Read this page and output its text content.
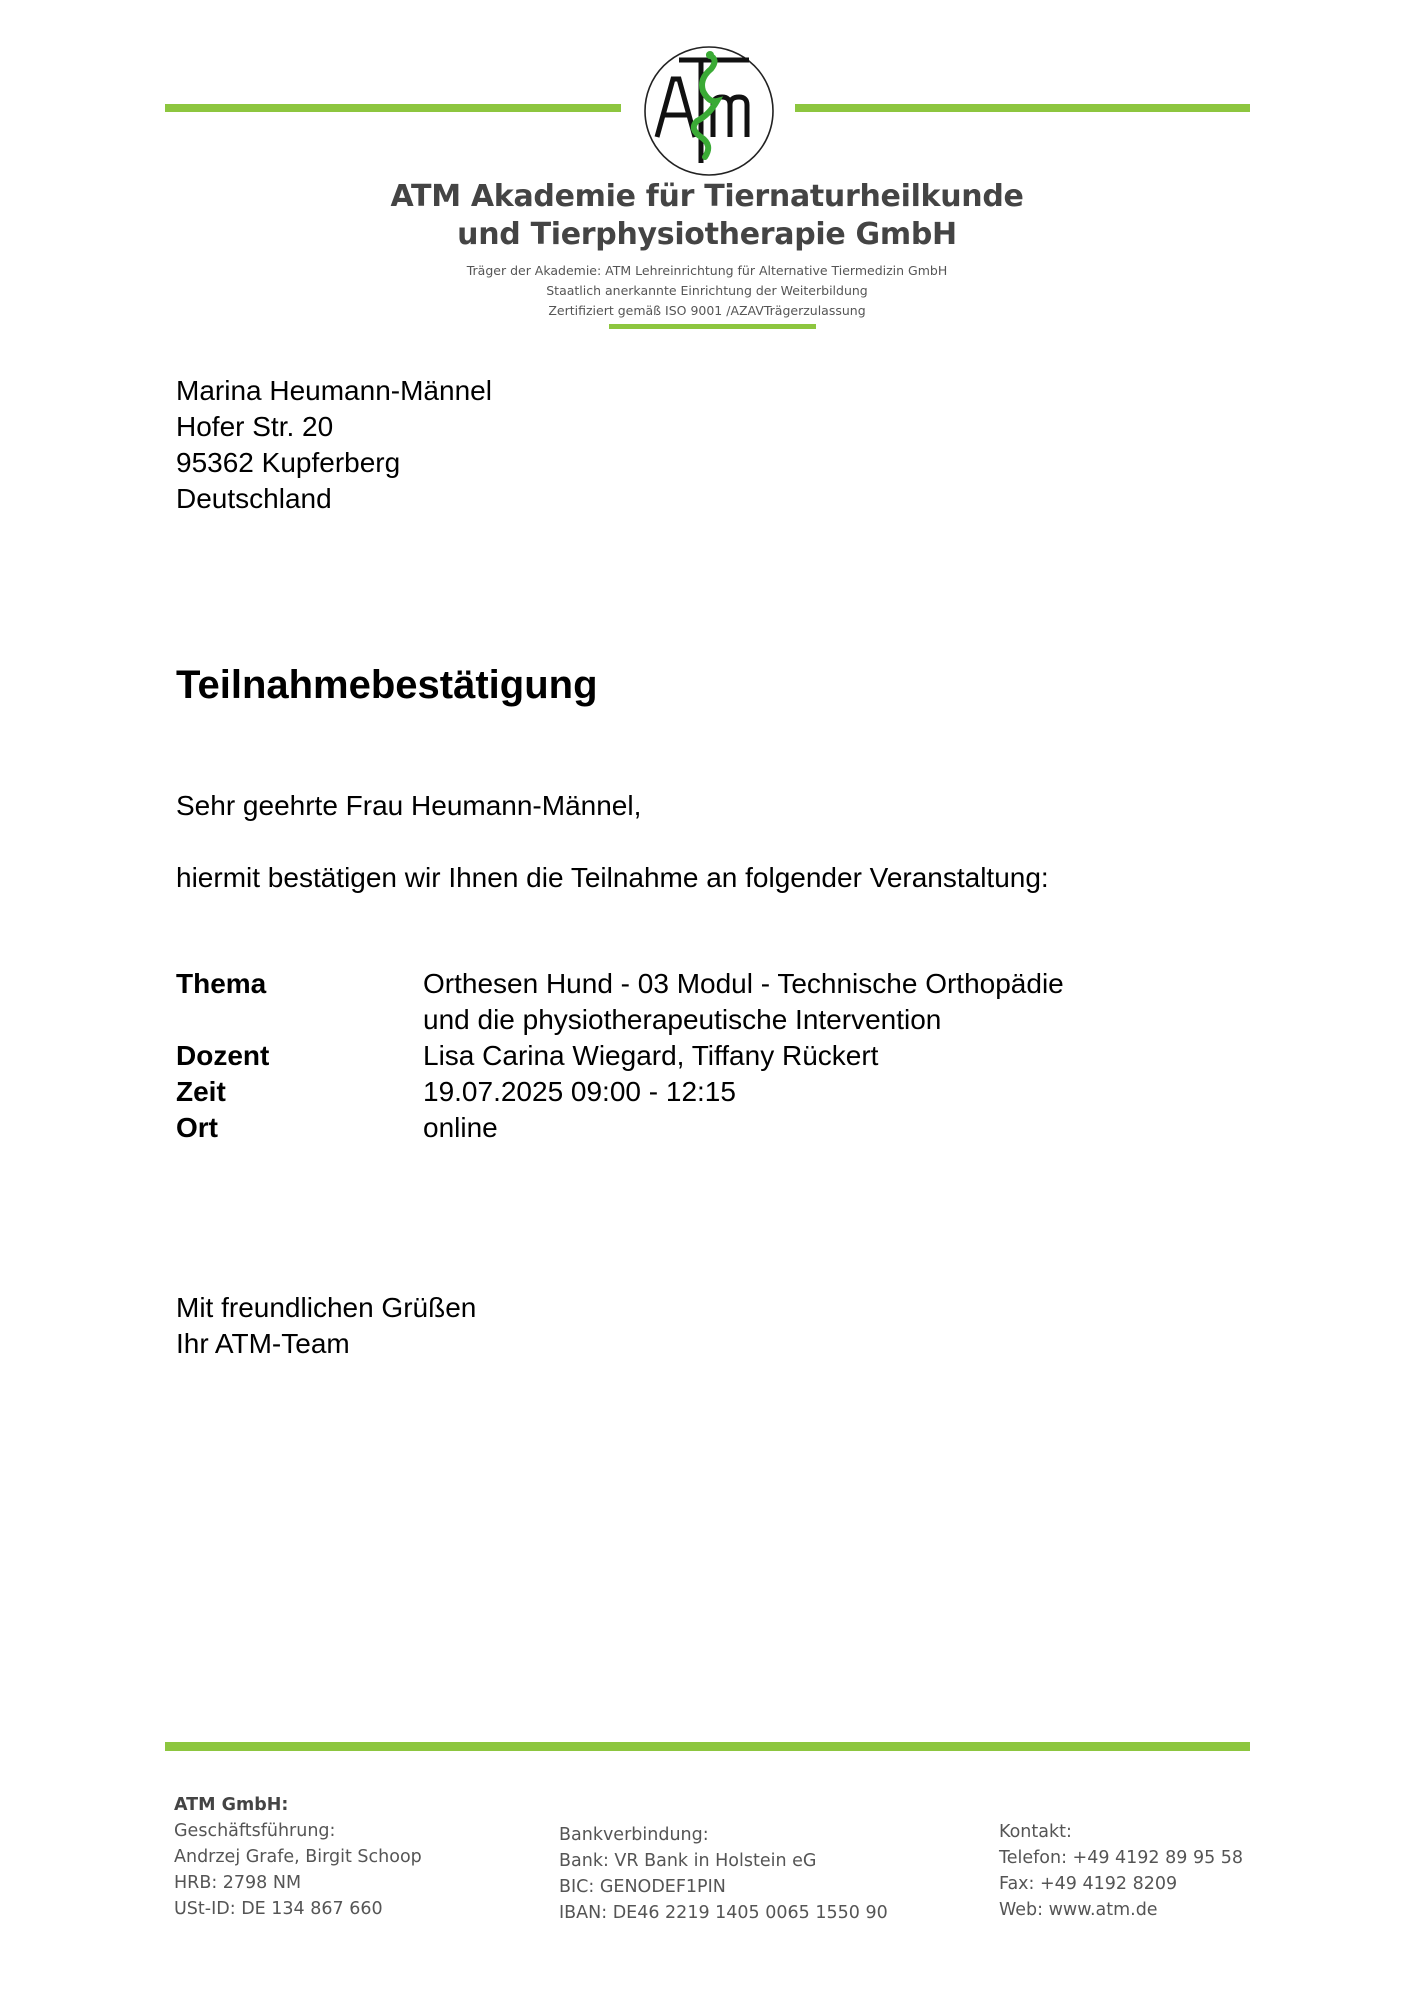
ATM Akademie für Tiernaturheilkunde
und Tierphysiotherapie GmbH
Träger der Akademie: ATM Lehreinrichtung für Alternative Tiermedizin GmbH
Staatlich anerkannte Einrichtung der Weiterbildung
Zertifiziert gemäß ISO 9001 /AZAVTrägerzulassung
Marina Heumann-Männel
Hofer Str. 20
95362 Kupferberg
Deutschland
Teilnahmebestätigung
Sehr geehrte Frau Heumann-Männel,
hiermit bestätigen wir Ihnen die Teilnahme an folgender Veranstaltung:
Thema	Orthesen Hund - 03 Modul - Technische Orthopädie
und die physiotherapeutische Intervention
Dozent	Lisa Carina Wiegard, Tiffany Rückert
Zeit	19.07.2025 09:00 - 12:15
Ort	online
Mit freundlichen Grüßen
Ihr ATM-Team
ATM GmbH:
Geschäftsführung:
Andrzej Grafe, Birgit Schoop
HRB: 2798 NM
USt-ID: DE 134 867 660
Bankverbindung:
Bank: VR Bank in Holstein eG
BIC: GENODEF1PIN
IBAN: DE46 2219 1405 0065 1550 90
Kontakt:
Telefon: +49 4192 89 95 58
Fax: +49 4192 8209
Web: www.atm.de
